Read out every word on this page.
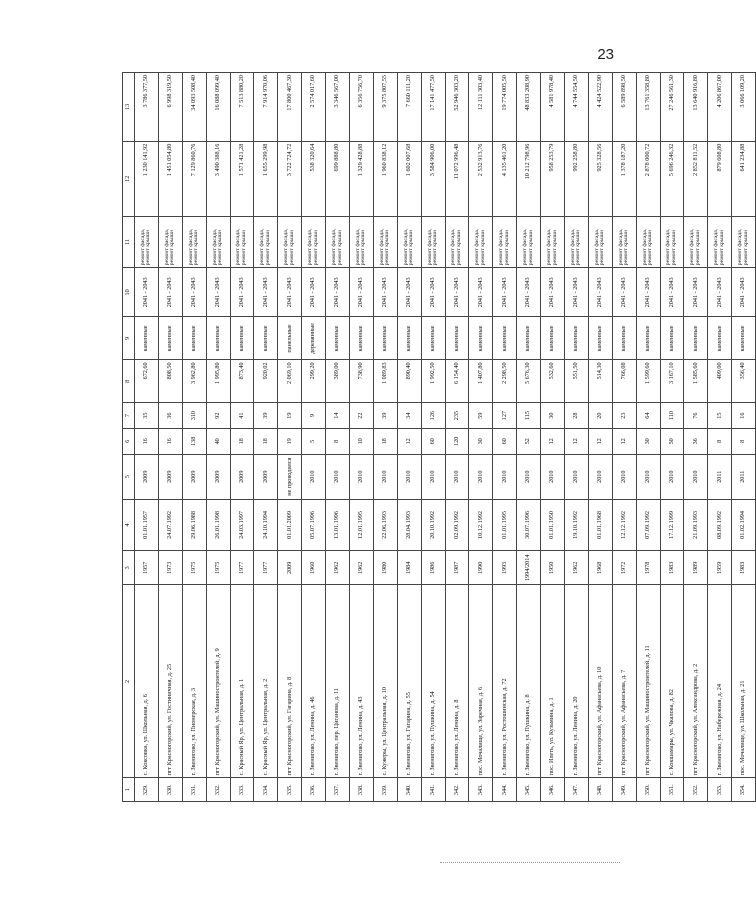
23
1	2	3	4	5	6	7	8	9	10	11	12	13
329.	с. Коксовка, ул. Школьная, д. 6	1957	01.01.1957	2009	16	35	672,60	каменные	2041 - 2043	ремонт фасада, ремонт крыши	1 230 141,92	3 786 377,50
330.	пгт Красногорский, ул. Гостиничная, д. 25	1973	24.07.1992	2009	16	36	808,50	каменные	2041 - 2043	ремонт фасада, ремонт крыши	1 451 054,80	6 998 319,50
331.	г. Звенигово, ул. Пионерская, д. 3	1975	29.06.1988	2009	138	310	3 962,80	каменные	2041 - 2043	ремонт фасада, ремонт крыши	7 129 860,76	34 093 508,40
332.	пгт Красногорский, ул. Машиностроителей, д. 9	1975	26.01.1998	2009	40	92	1 995,80	каменные	2041 - 2043	ремонт фасада, ремонт крыши	3 490 388,16	16 088 099,40
333.	с. Красный Яр, ул. Центральная, д. 1	1977	24.03.1997	2009	18	41	873,40	каменные	2041 - 2043	ремонт фасада, ремонт крыши	1 571 421,28	7 513 880,20
334.	с. Красный Яр, ул. Центральная, д. 2	1977	24.10.1994	2009	18	39	920,02	каменные	2041 - 2043	ремонт фасада, ремонт крыши	1 655 299,98	7 914 970,06
335.	пгт Красногорский, ул. Гагарина, д. 8	2009	01.01.2009	не проводился	19	19	2 069,10	панельные	2041 - 2043	ремонт фасада, ремонт крыши	3 722 724,72	17 800 467,30
336.	г. Звенигово, ул. Ленина, д. 46	1960	05.07.1996	2010	5	9	299,20	деревянные	2041 - 2043	ремонт фасада, ремонт крыши	538 320,64	2 574 017,60
337.	г. Звенигово, пер. Циганова, д. 11	1962	13.01.1996	2010	8	14	389,00	каменные	2041 - 2043	ремонт фасада, ремонт крыши	699 888,80	3 346 567,00
338.	г. Звенигово, ул. Ленина, д. 43	1962	12.01.1995	2010	10	22	738,90	каменные	2041 - 2043	ремонт фасада, ремонт крыши	1 329 428,88	6 356 756,70
339.	с. Кужеры, ул. Центральная, д. 10	1980	22.06.1993	2010	18	39	1 089,83	каменные	2041 - 2043	ремонт фасада, ремонт крыши	1 960 838,12	9 375 807,55
340.	г. Звенигово, ул. Гагарина, д. 55	1984	28.04.1993	2010	12	34	890,40	каменные	2041 - 2043	ремонт фасада, ремонт крыши	1 602 007,68	7 660 111,20
341.	г. Звенигово, ул. Пушкина, д. 54	1986	20.10.1992	2010	60	126	1 992,50	каменные	2041 - 2043	ремонт фасада, ремонт крыши	3 584 906,00	17 141 477,50
342.	г. Звенигово, ул. Ленина, д. 8	1987	02.09.1992	2010	120	235	6 154,40	каменные	2041 - 2043	ремонт фасада, ремонт крыши	11 072 996,48	52 946 303,20
343.	пос. Мочалище, ул. Заречная, д. 6	1990	10.12.1992	2010	30	59	1 407,80	каменные	2041 - 2043	ремонт фасада, ремонт крыши	2 532 913,76	12 111 303,40
344.	г. Звенигово, ул. Ростошинская, д. 72	1993	01.01.1995	2010	60	127	2 298,50	каменные	2041 - 2043	ремонт фасада, ремонт крыши	4 135 461,20	19 774 005,50
345.	г. Звенигово, ул. Пушкина, д. 8	1994/2014	30.07.1996	2010	52	115	5 676,30	каменные	2041 - 2043	ремонт фасада, ремонт крыши	10 212 798,96	48 833 208,90
346.	пос. Илеть, ул. Кузьмина, д. 1	1950	01.01.1950	2010	12	30	532,60	каменные	2041 - 2043	ремонт фасада, ремонт крыши	958 253,79	4 581 978,40
347.	г. Звенигово, ул. Ленина, д. 20	1962	19.10.1992	2010	12	28	551,50	каменные	2041 - 2043	ремонт фасада, ремонт крыши	992 258,80	4 744 554,50
348.	пгт Красногорский, ул. Афанасьева, д. 10	1968	01.01.1968	2010	12	20	514,30	каменные	2041 - 2043	ремонт фасада, ремонт крыши	925 328,56	4 424 522,90
349.	пгт Красногорский, ул. Афанасьева, д. 7	1972	12.12.1992	2010	12	23	766,08	каменные	2041 - 2043	ремонт фасада, ремонт крыши	1 378 187,20	6 589 898,50
350.	пгт Красногорский, ул. Машиностроителей, д. 11	1978	07.09.1992	2010	30	64	1 599,60	каменные	2041 - 2043	ремонт фасада, ремонт крыши	2 878 000,72	13 761 358,80
351.	с. Кокшамары, ул. Чкалова, д. 82	1983	17.12.1999	2010	50	110	3 167,10	каменные	2041 - 2043	ремонт фасада, ремонт крыши	5 696 246,32	27 246 561,30
352.	пгт Красногорский, ул. Александрова, д. 2	1989	21.09.1993	2010	36	76	1 585,60	каменные	2041 - 2043	ремонт фасада, ремонт крыши	2 852 811,52	13 640 916,80
353.	г. Звенигово, ул. Набережная, д. 24	1959	08.09.1992	2011	8	15	409,00	каменные	2041 - 2043	ремонт фасада, ремонт крыши	879 608,80	4 206 867,00
354.	пос. Мочалище, ул. Школьная, д. 21	1983	01.02.1994	2011	8	16	356,40	каменные	2041 - 2043	ремонт фасада, ремонт крыши	641 234,88	3 066 109,20
